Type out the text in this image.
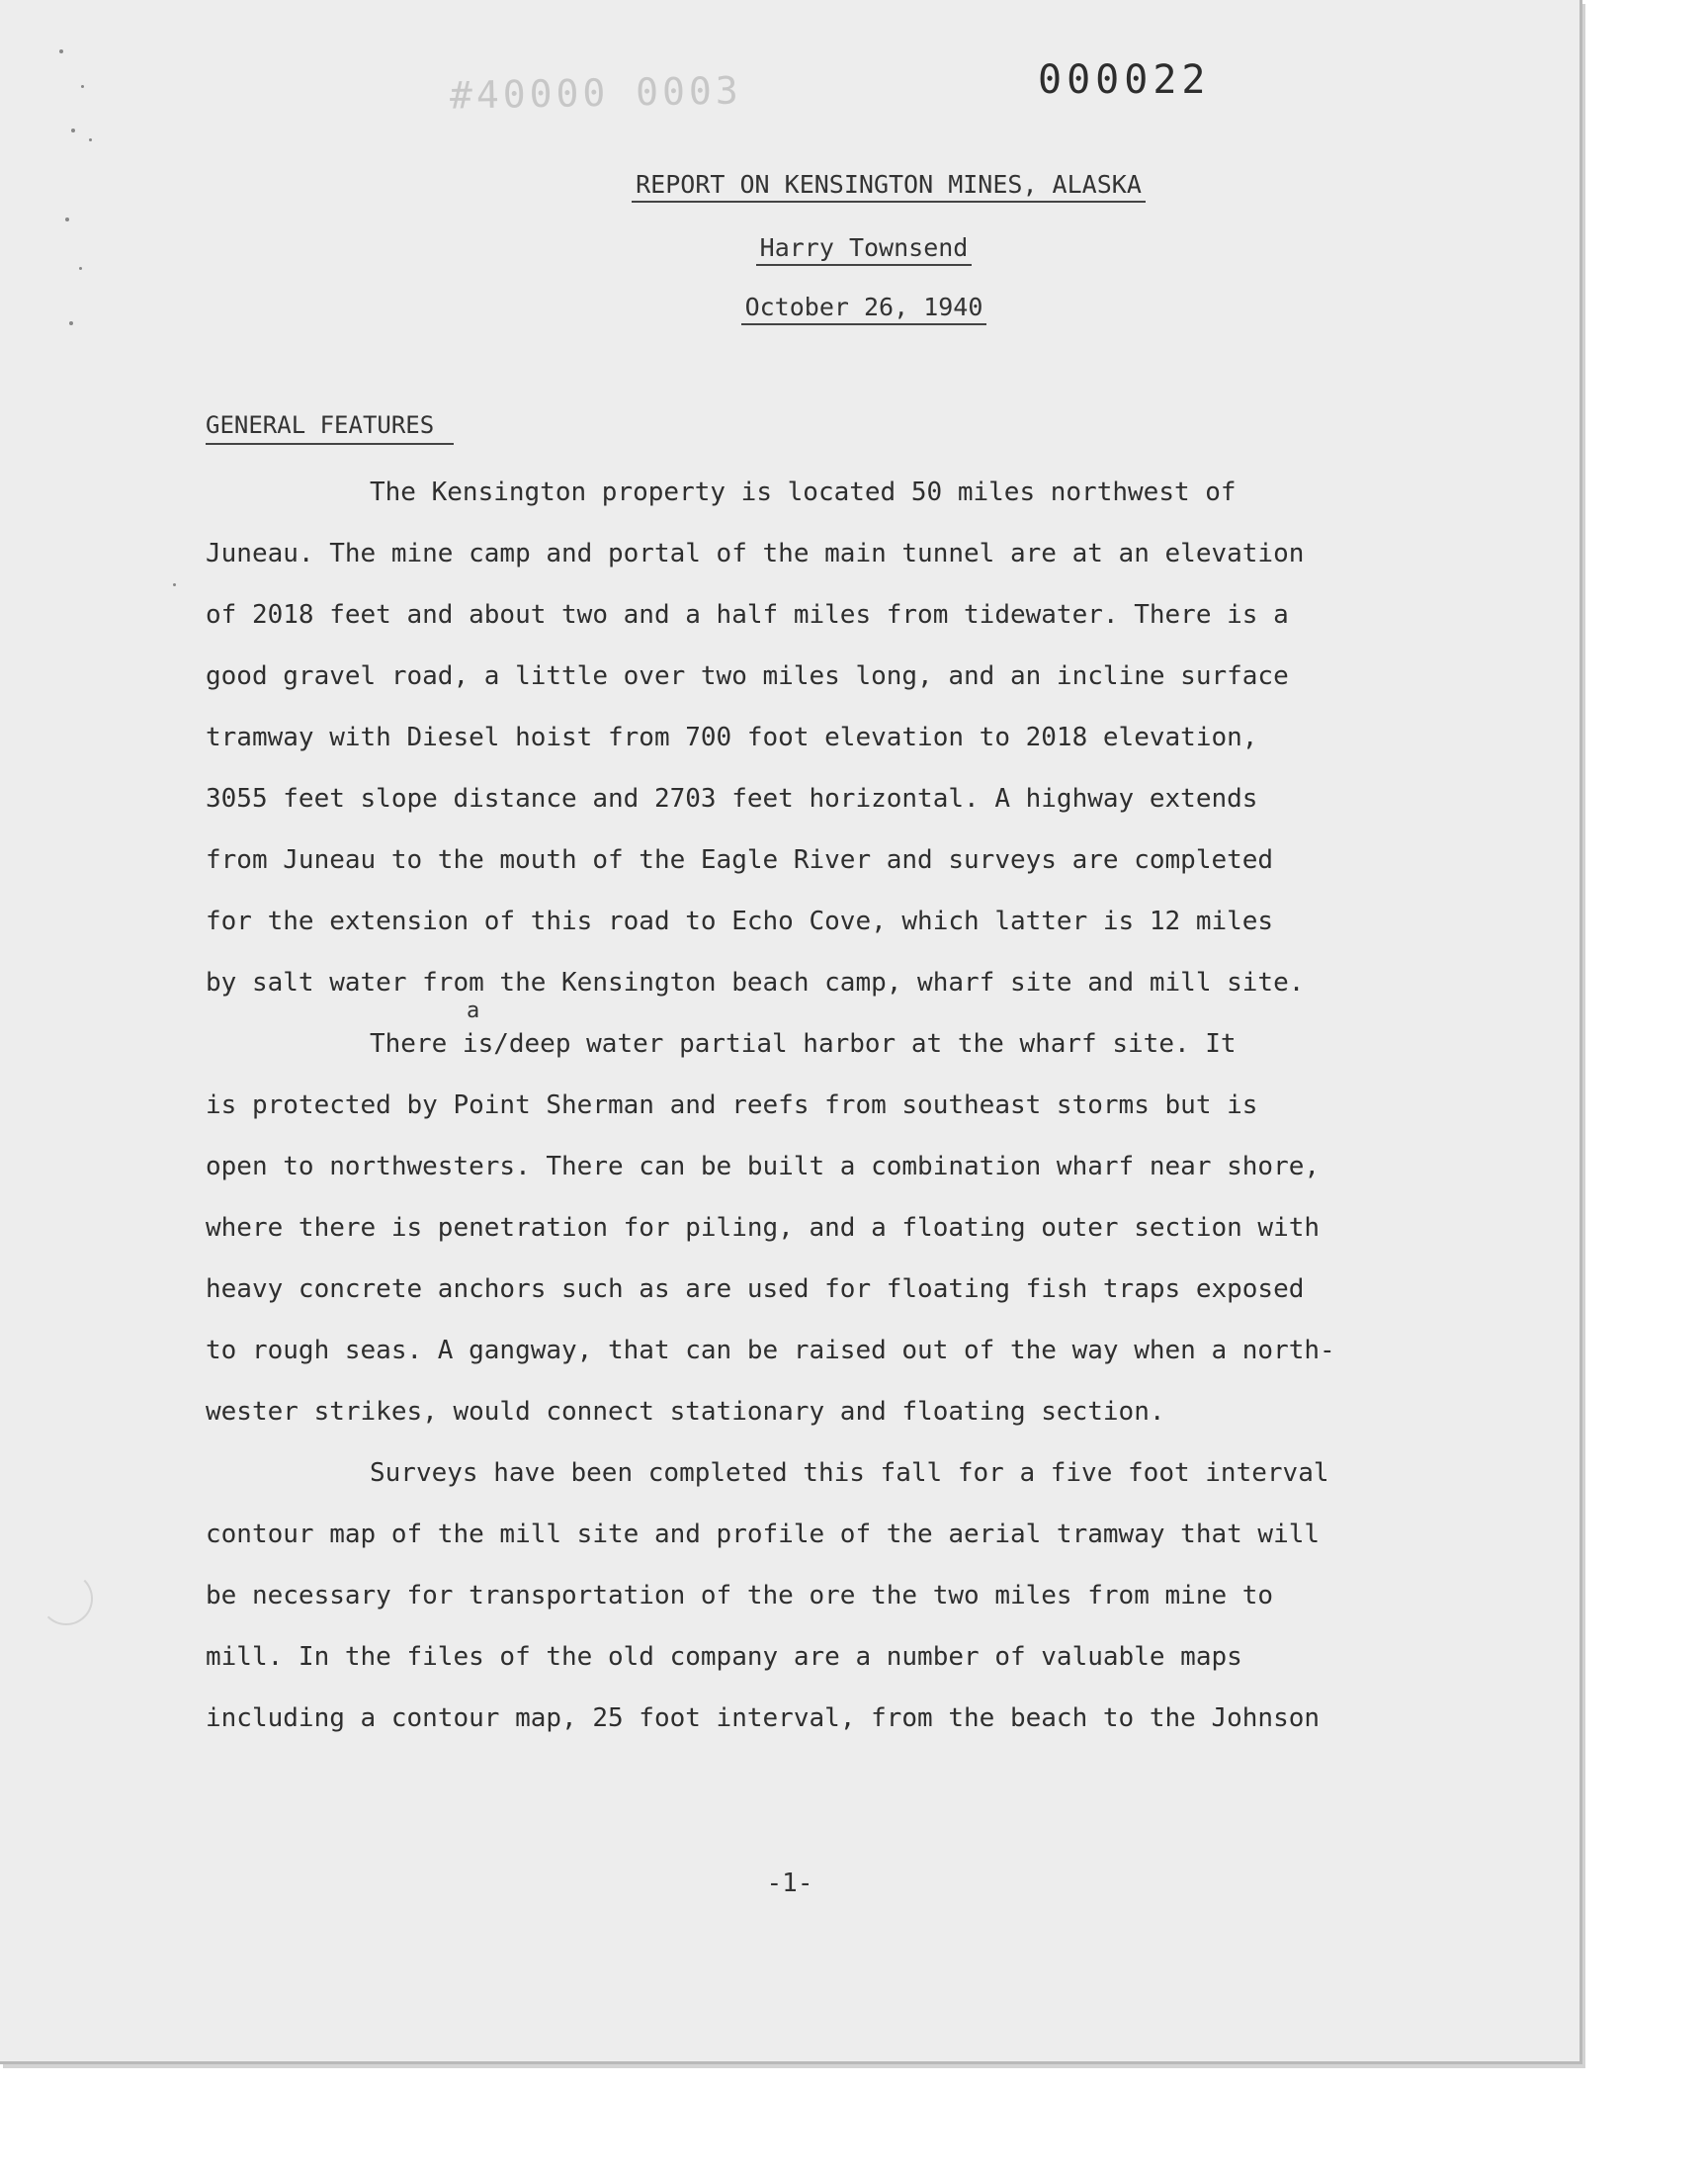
#40000 0003	000022
REPORT ON KENSINGTON MINES, ALASKA
Harry Townsend
October 26, 1940
GENERAL FEATURES
The Kensington property is located 50 miles northwest of
Juneau. The mine camp and portal of the main tunnel are at an elevation
of 2018 feet and about two and a half miles from tidewater. There is a
good gravel road, a little over two miles long, and an incline surface
tramway with Diesel hoist from 700 foot elevation to 2018 elevation,
3055 feet slope distance and 2703 feet horizontal. A highway extends
from Juneau to the mouth of the Eagle River and surveys are completed
for the extension of this road to Echo Cove, which latter is 12 miles
by salt water from the Kensington beach camp, wharf site and mill site.
a
There is/deep water partial harbor at the wharf site. It
is protected by Point Sherman and reefs from southeast storms but is
open to northwesters. There can be built a combination wharf near shore,
where there is penetration for piling, and a floating outer section with
heavy concrete anchors such as are used for floating fish traps exposed
to rough seas. A gangway, that can be raised out of the way when a north-
wester strikes, would connect stationary and floating section.
Surveys have been completed this fall for a five foot interval
contour map of the mill site and profile of the aerial tramway that will
be necessary for transportation of the ore the two miles from mine to
mill. In the files of the old company are a number of valuable maps
including a contour map, 25 foot interval, from the beach to the Johnson
-1-
